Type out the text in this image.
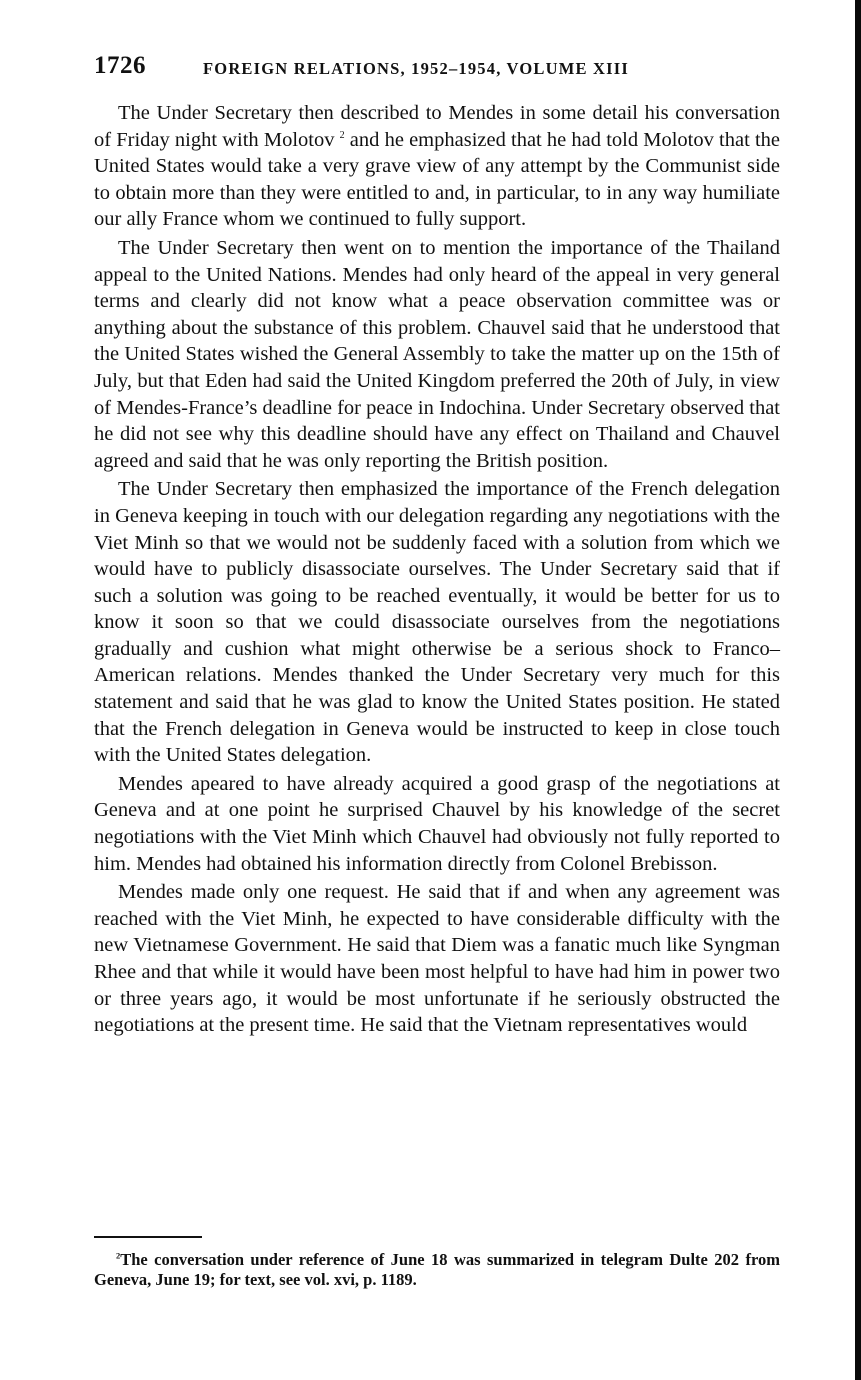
1726	FOREIGN RELATIONS, 1952–1954, VOLUME XIII

The Under Secretary then described to Mendes in some detail his conversation of Friday night with Molotov $^2$ and he emphasized that he had told Molotov that the United States would take a very grave view of any attempt by the Communist side to obtain more than they were entitled to and, in particular, to in any way humiliate our ally France whom we continued to fully support.

The Under Secretary then went on to mention the importance of the Thailand appeal to the United Nations. Mendes had only heard of the appeal in very general terms and clearly did not know what a peace observation committee was or anything about the substance of this problem. Chauvel said that he understood that the United States wished the General Assembly to take the matter up on the 15th of July, but that Eden had said the United Kingdom preferred the 20th of July, in view of Mendes-France’s deadline for peace in Indochina. Under Secretary observed that he did not see why this deadline should have any effect on Thailand and Chauvel agreed and said that he was only reporting the British position.

The Under Secretary then emphasized the importance of the French delegation in Geneva keeping in touch with our delegation regarding any negotiations with the Viet Minh so that we would not be suddenly faced with a solution from which we would have to publicly disassociate ourselves. The Under Secretary said that if such a solution was going to be reached eventually, it would be better for us to know it soon so that we could disassociate ourselves from the negotiations gradually and cushion what might otherwise be a serious shock to Franco–American relations. Mendes thanked the Under Secretary very much for this statement and said that he was glad to know the United States position. He stated that the French delegation in Geneva would be instructed to keep in close touch with the United States delegation.

Mendes apeared to have already acquired a good grasp of the negotiations at Geneva and at one point he surprised Chauvel by his knowledge of the secret negotiations with the Viet Minh which Chauvel had obviously not fully reported to him. Mendes had obtained his information directly from Colonel Brebisson.

Mendes made only one request. He said that if and when any agreement was reached with the Viet Minh, he expected to have considerable difficulty with the new Vietnamese Government. He said that Diem was a fanatic much like Syngman Rhee and that while it would have been most helpful to have had him in power two or three years ago, it would be most unfortunate if he seriously obstructed the negotiations at the present time. He said that the Vietnam representatives would

$^2$The conversation under reference of June 18 was summarized in telegram Dulte 202 from Geneva, June 19; for text, see vol. xvi, p. 1189.
